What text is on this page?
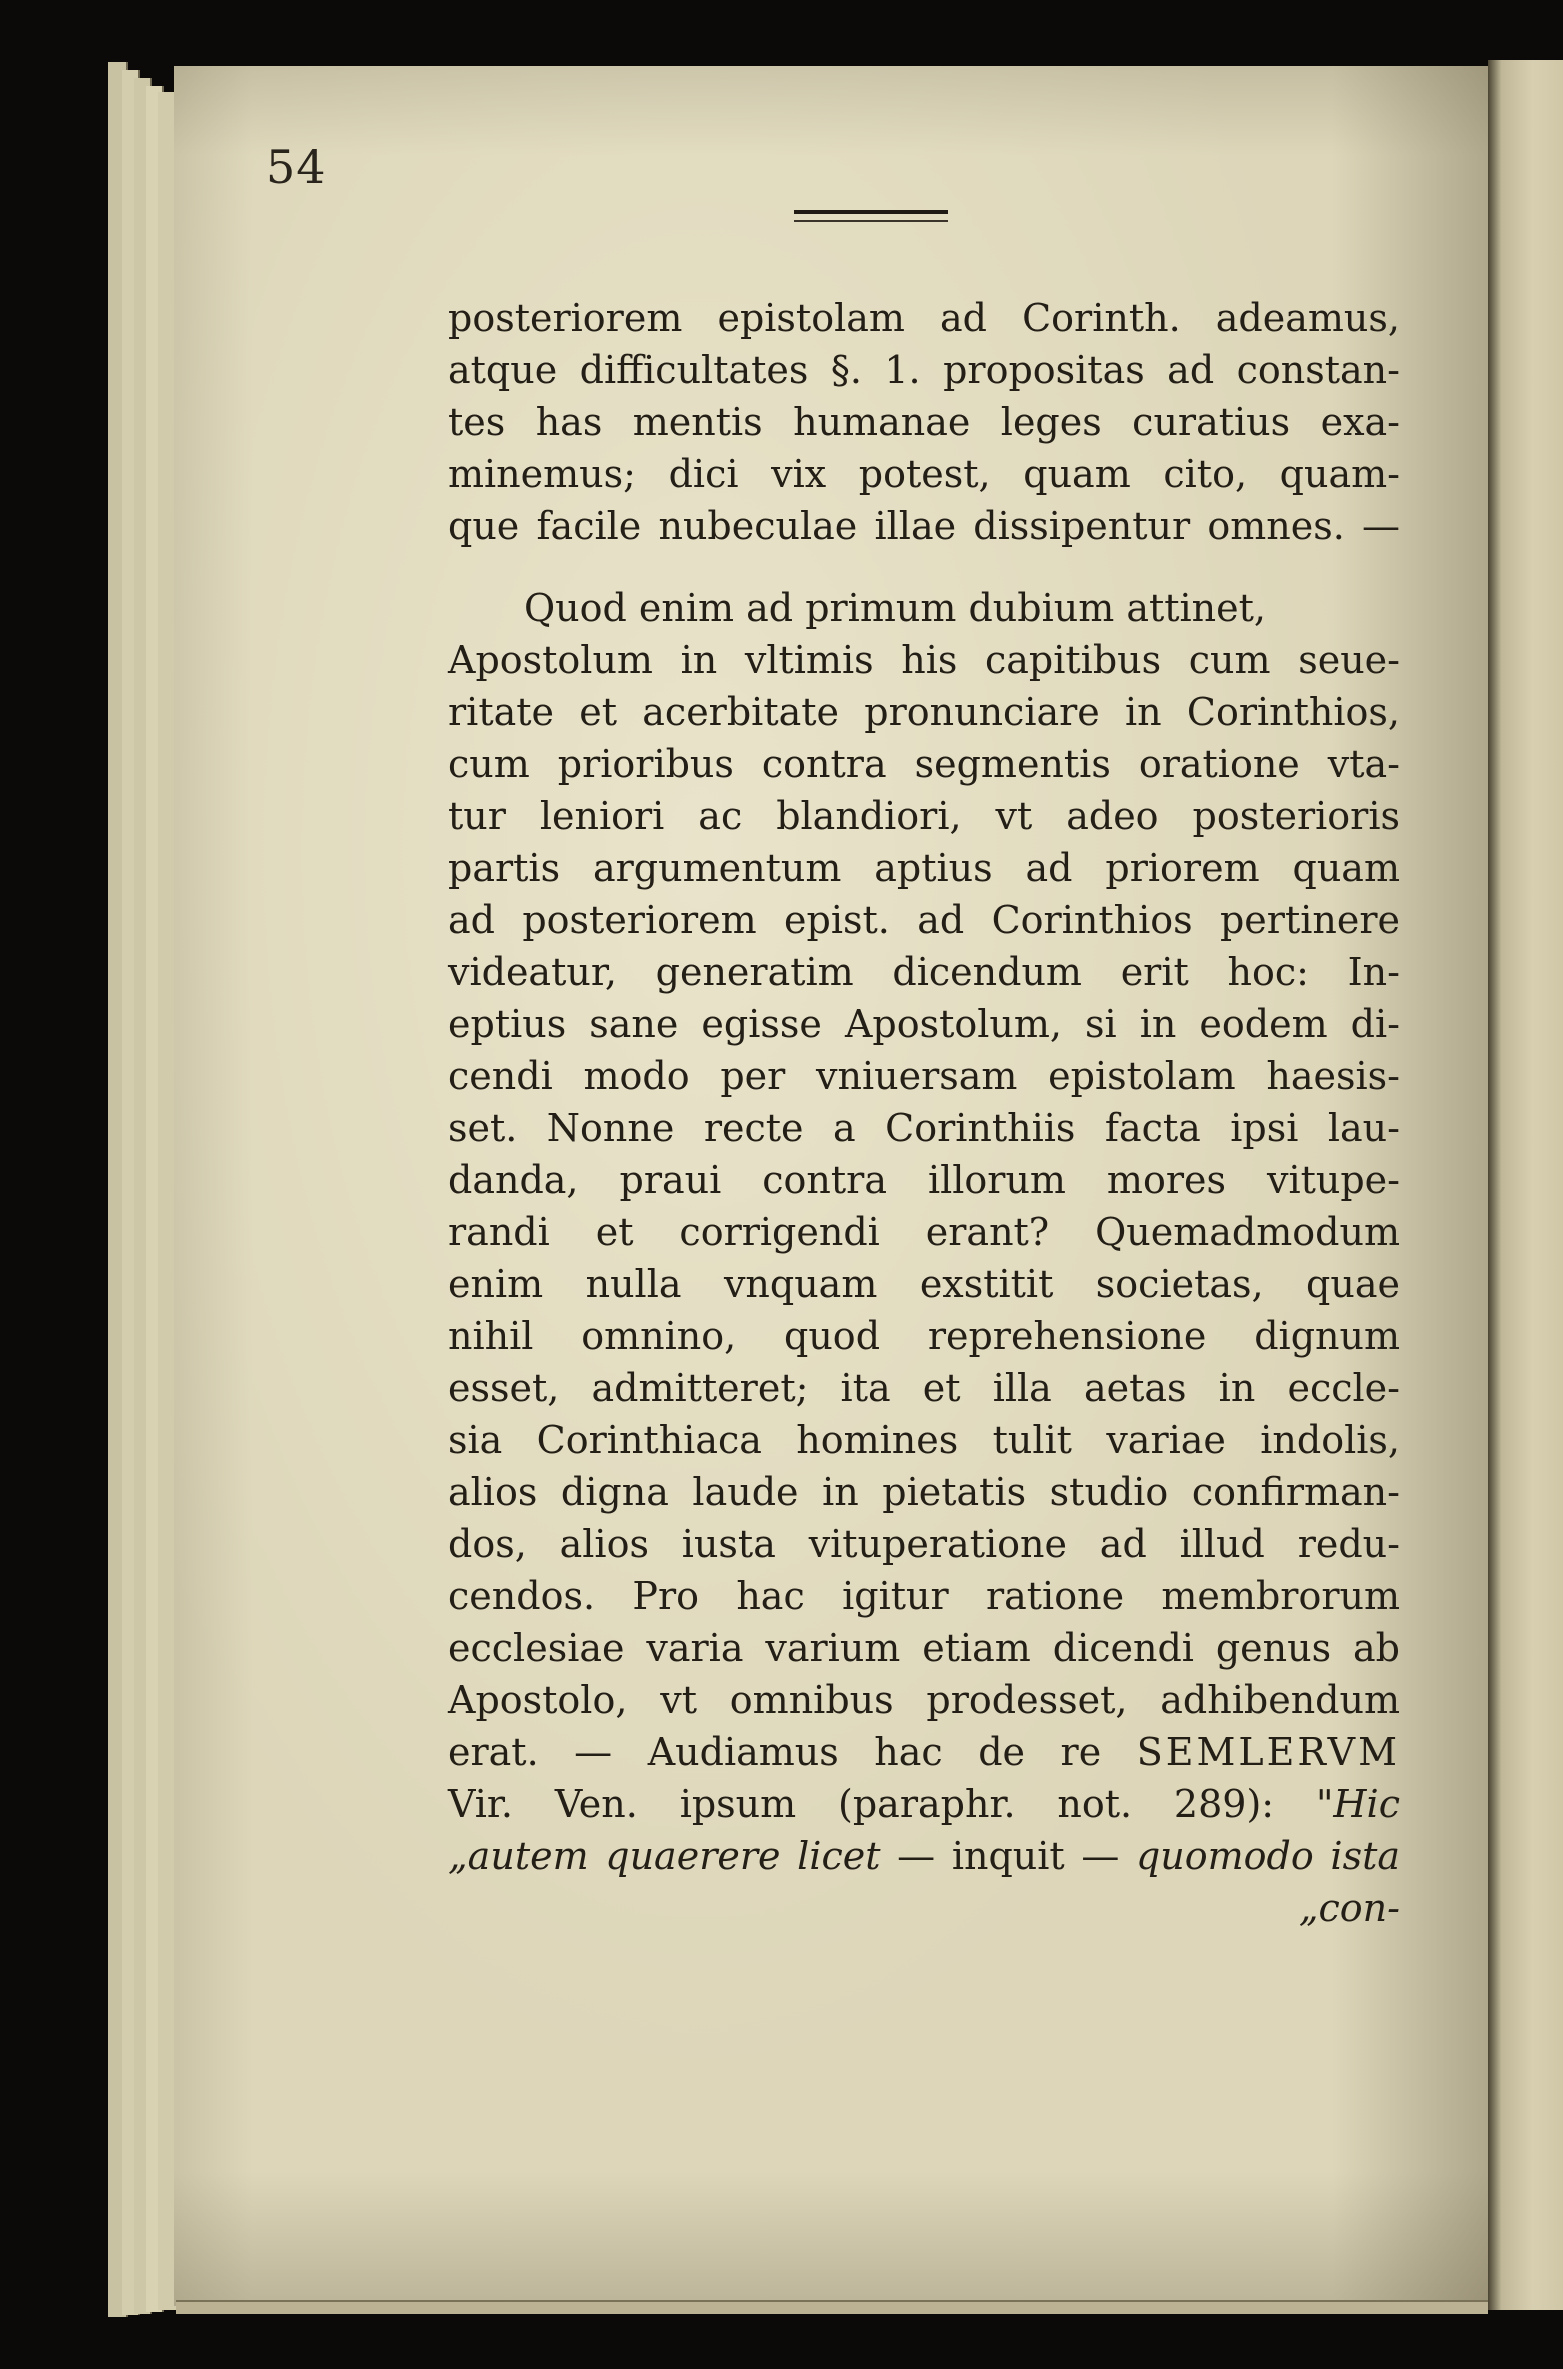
54
posteriorem epistolam ad Corinth. adeamus,
atque difficultates §. 1. propositas ad constan-
tes has mentis humanae leges curatius exa-
minemus; dici vix potest, quam cito, quam-
que facile nubeculae illae dissipentur omnes. —
Quod enim ad primum dubium attinet,
Apostolum in vltimis his capitibus cum seue-
ritate et acerbitate pronunciare in Corinthios,
cum prioribus contra segmentis oratione vta-
tur leniori ac blandiori, vt adeo posterioris
partis argumentum aptius ad priorem quam
ad posteriorem epist. ad Corinthios pertinere
videatur, generatim dicendum erit hoc: In-
eptius sane egisse Apostolum, si in eodem di-
cendi modo per vniuersam epistolam haesis-
set. Nonne recte a Corinthiis facta ipsi lau-
danda, praui contra illorum mores vitupe-
randi et corrigendi erant? Quemadmodum
enim nulla vnquam exstitit societas, quae
nihil omnino, quod reprehensione dignum
esset, admitteret; ita et illa aetas in eccle-
sia Corinthiaca homines tulit variae indolis,
alios digna laude in pietatis studio confirman-
dos, alios iusta vituperatione ad illud redu-
cendos. Pro hac igitur ratione membrorum
ecclesiae varia varium etiam dicendi genus ab
Apostolo, vt omnibus prodesset, adhibendum
erat. — Audiamus hac de re SEMLERVM
Vir. Ven. ipsum (paraphr. not. 289): "Hic
„autem quaerere licet — inquit — quomodo ista
„con-
